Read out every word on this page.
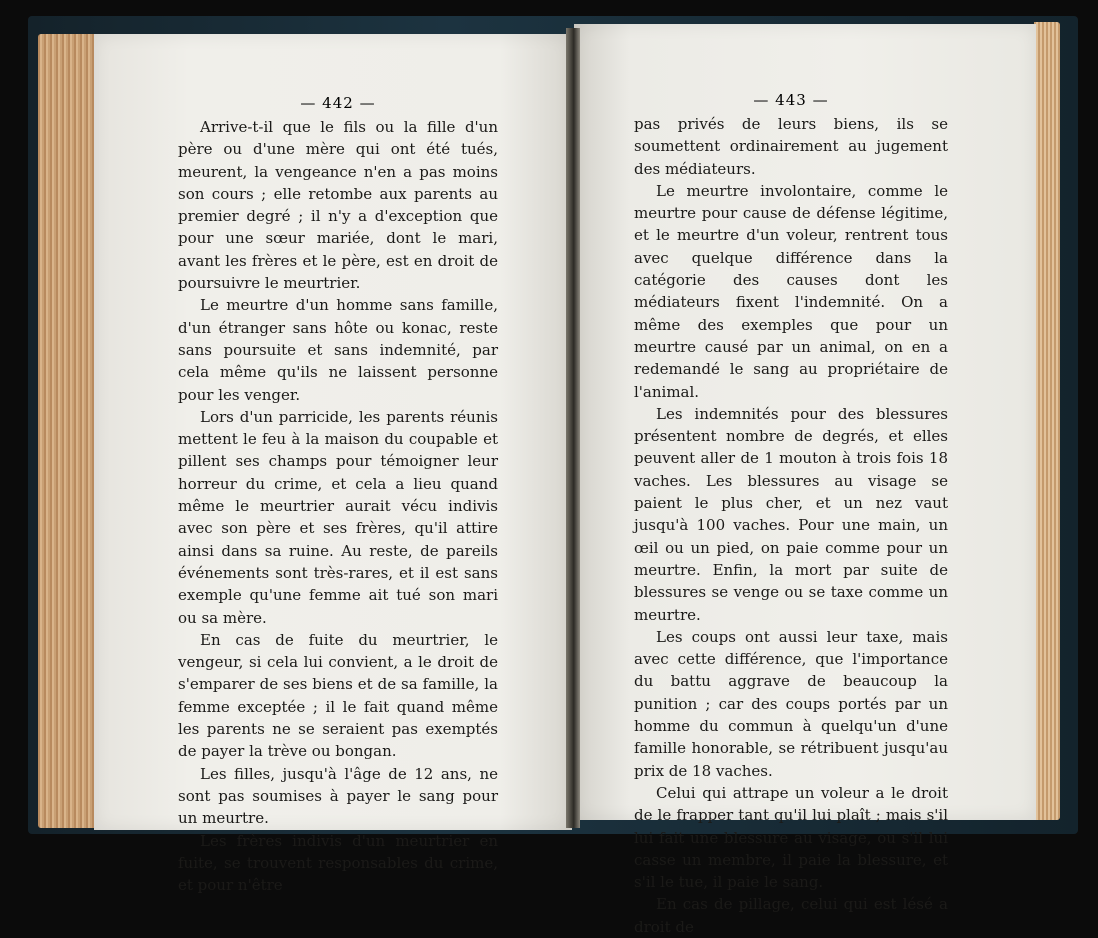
— 442 —

Arrive-t-il que le fils ou la fille d'un père ou d'une mère qui ont été tués, meurent, la vengeance n'en a pas moins son cours ; elle retombe aux parents au premier degré ; il n'y a d'exception que pour une sœur mariée, dont le mari, avant les frères et le père, est en droit de poursuivre le meurtrier.

Le meurtre d'un homme sans famille, d'un étranger sans hôte ou konac, reste sans poursuite et sans indemnité, par cela même qu'ils ne laissent personne pour les venger.

Lors d'un parricide, les parents réunis mettent le feu à la maison du coupable et pillent ses champs pour témoigner leur horreur du crime, et cela a lieu quand même le meurtrier aurait vécu indivis avec son père et ses frères, qu'il attire ainsi dans sa ruine. Au reste, de pareils événements sont très-rares, et il est sans exemple qu'une femme ait tué son mari ou sa mère.

En cas de fuite du meurtrier, le vengeur, si cela lui convient, a le droit de s'emparer de ses biens et de sa famille, la femme exceptée ; il le fait quand même les parents ne se seraient pas exemptés de payer la trève ou bongan.

Les filles, jusqu'à l'âge de 12 ans, ne sont pas soumises à payer le sang pour un meurtre.

Les frères indivis d'un meurtrier en fuite, se trouvent responsables du crime, et pour n'être

— 443 —

pas privés de leurs biens, ils se soumettent ordinairement au jugement des médiateurs.

Le meurtre involontaire, comme le meurtre pour cause de défense légitime, et le meurtre d'un voleur, rentrent tous avec quelque différence dans la catégorie des causes dont les médiateurs fixent l'indemnité. On a même des exemples que pour un meurtre causé par un animal, on en a redemandé le sang au propriétaire de l'animal.

Les indemnités pour des blessures présentent nombre de degrés, et elles peuvent aller de 1 mouton à trois fois 18 vaches. Les blessures au visage se paient le plus cher, et un nez vaut jusqu'à 100 vaches. Pour une main, un œil ou un pied, on paie comme pour un meurtre. Enfin, la mort par suite de blessures se venge ou se taxe comme un meurtre.

Les coups ont aussi leur taxe, mais avec cette différence, que l'importance du battu aggrave de beaucoup la punition ; car des coups portés par un homme du commun à quelqu'un d'une famille honorable, se rétribuent jusqu'au prix de 18 vaches.

Celui qui attrape un voleur a le droit de le frapper tant qu'il lui plaît ; mais s'il lui fait une blessure au visage, ou s'il lui casse un membre, il paie la blessure, et s'il le tue, il paie le sang.

En cas de pillage, celui qui est lésé a droit de
